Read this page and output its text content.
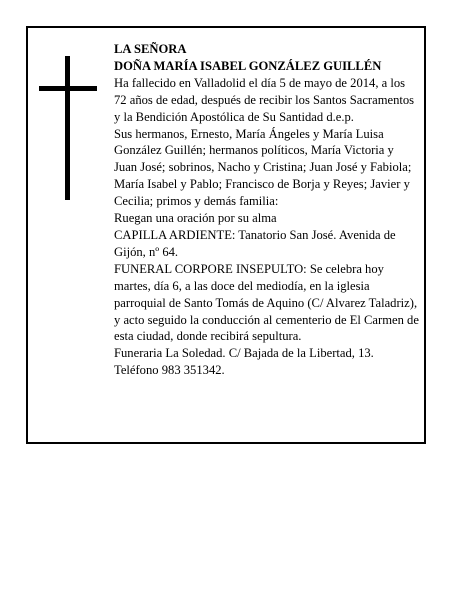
LA SEÑORA

DOÑA MARÍA ISABEL GONZÁLEZ GUILLÉN

Ha fallecido en Valladolid el día 5 de mayo de 2014, a los 72 años de edad, después de recibir los Santos Sacramentos y la Bendición Apostólica de Su Santidad d.e.p.

Sus hermanos, Ernesto, María Ángeles y María Luisa González Guillén; hermanos políticos, María Victoria y Juan José; sobrinos, Nacho y Cristina; Juan José y Fabiola; María Isabel y Pablo; Francisco de Borja y Reyes; Javier y Cecilia; primos y demás familia:

Ruegan una oración por su alma

CAPILLA ARDIENTE: Tanatorio San José. Avenida de Gijón, nº 64.

FUNERAL CORPORE INSEPULTO: Se celebra hoy martes, día 6, a las doce del mediodía, en la iglesia parroquial de Santo Tomás de Aquino (C/ Alvarez Taladriz), y acto seguido la conducción al cementerio de El Carmen de esta ciudad, donde recibirá sepultura.

Funeraria La Soledad. C/ Bajada de la Libertad, 13. Teléfono 983 351342.
